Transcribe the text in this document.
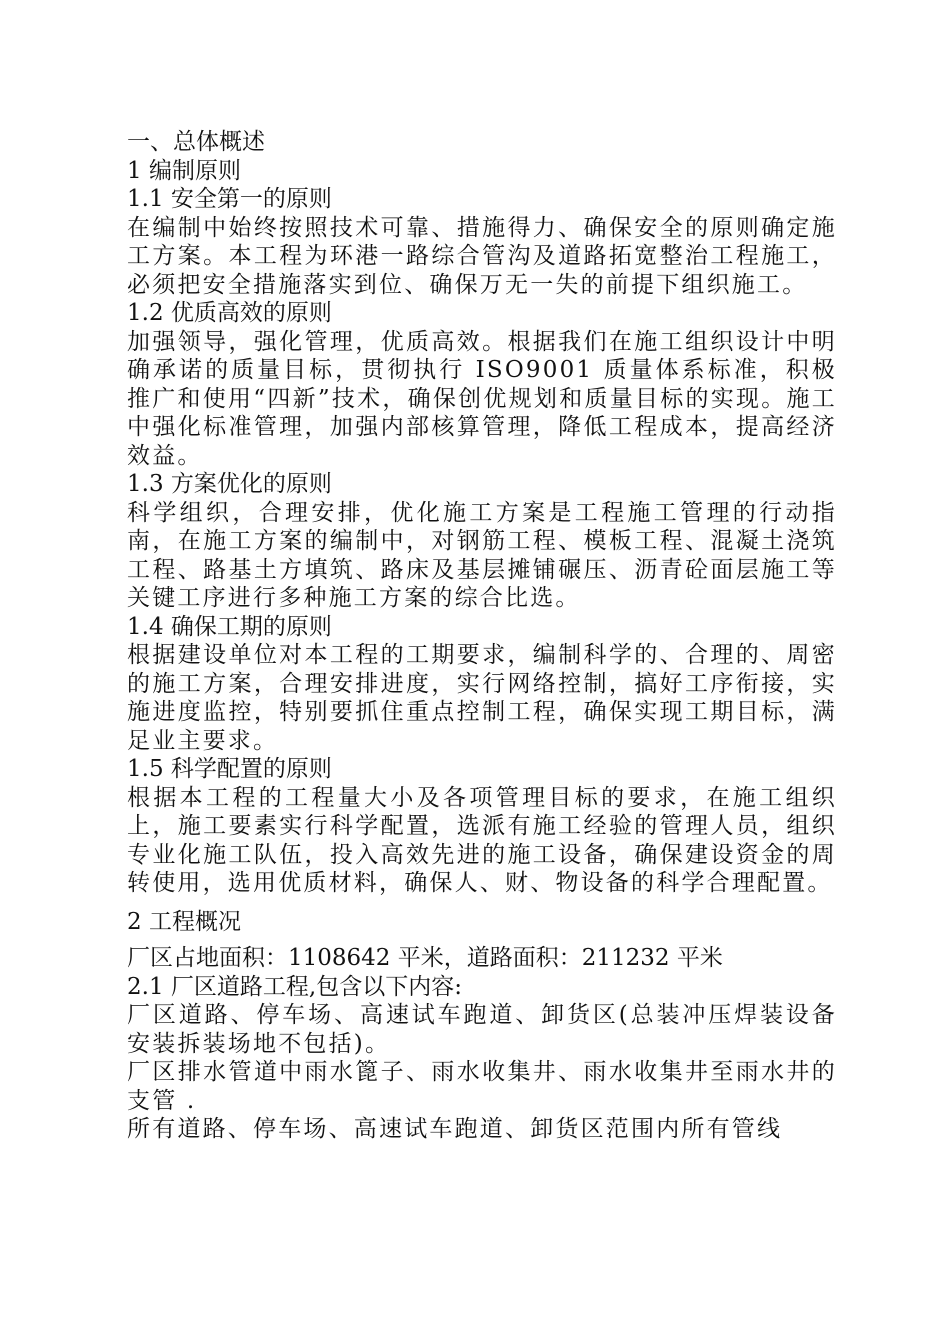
一、总体概述
1 编制原则
1.1 安全第一的原则
在编制中始终按照技术可靠、措施得力、确保安全的原则确定施工方案。本工程为环港一路综合管沟及道路拓宽整治工程施工，必须把安全措施落实到位、确保万无一失的前提下组织施工。
1.2 优质高效的原则
加强领导，强化管理，优质高效。根据我们在施工组织设计中明确承诺的质量目标，贯彻执行 ISO9001 质量体系标准，积极推广和使用“四新”技术，确保创优规划和质量目标的实现。施工中强化标准管理，加强内部核算管理，降低工程成本，提高经济效益。
1.3 方案优化的原则
科学组织，合理安排，优化施工方案是工程施工管理的行动指南，在施工方案的编制中，对钢筋工程、模板工程、混凝土浇筑工程、路基土方填筑、路床及基层摊铺碾压、沥青砼面层施工等关键工序进行多种施工方案的综合比选。
1.4 确保工期的原则
根据建设单位对本工程的工期要求，编制科学的、合理的、周密的施工方案，合理安排进度，实行网络控制，搞好工序衔接，实施进度监控，特别要抓住重点控制工程，确保实现工期目标，满足业主要求。
1.5 科学配置的原则
根据本工程的工程量大小及各项管理目标的要求，在施工组织上，施工要素实行科学配置，选派有施工经验的管理人员，组织专业化施工队伍，投入高效先进的施工设备，确保建设资金的周转使用，选用优质材料，确保人、财、物设备的科学合理配置。
2 工程概况
厂区占地面积：1108642 平米，道路面积：211232 平米
2.1 厂区道路工程,包含以下内容:
厂区道路、停车场、高速试车跑道、卸货区(总装冲压焊装设备安装拆装场地不包括)。
厂区排水管道中雨水篦子、雨水收集井、雨水收集井至雨水井的支管 .
所有道路、停车场、高速试车跑道、卸货区范围内所有管线
